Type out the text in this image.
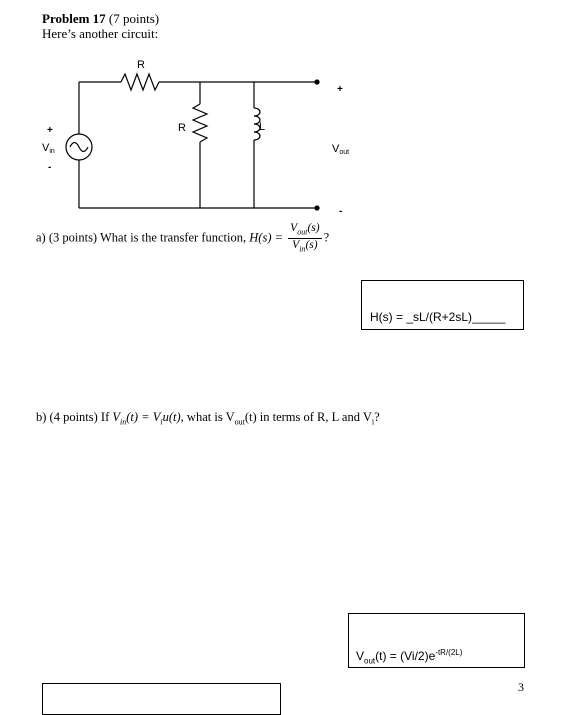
Problem 17 (7 points)
Here’s another circuit:
R
R	L
+
Vin
-
+
Vout
-
a) (3 points) What is the transfer function, $H(s) = \frac{V_{out}(s)}{V_{in}(s)}$ ?
H(s) = _sL/(R+2sL)_____
b) (4 points) If $V_{in}(t) = V_iu(t)$, what is $V_{out}(t)$ in terms of R, L and $V_i$?
$V_{out}(t) = (Vi/2)e^{-tR/(2L)}$
3
